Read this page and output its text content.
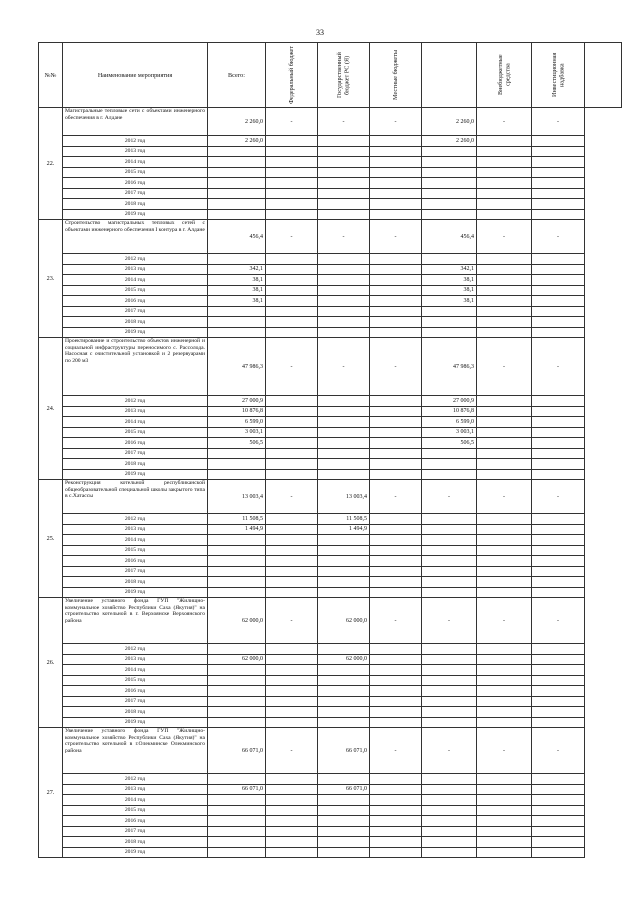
33
№№	Наименование мероприятия	Всего:	Федеральный бюджет	Государственный бюджет РС (Я)	Местные бюджеты		Внебюджетные средства	Инвестиционная надбавка	

22.	Магистральные тепловые сети с объектами инженерного обеспечения в г. Алдане	2 260,0	-	-	-	2 260,0	-	-	
	2012 год	2 260,0				2 260,0			
	2013 год								
	2014 год								
	2015 год								
	2016 год								
	2017 год								
	2018 год								
	2019 год								
23.	Строительство магистральных тепловых сетей с объектами инженерного обеспечения I контура в г. Алдане	456,4	-	-	-	456,4	-	-	
	2012 год								
	2013 год	342,1				342,1			
	2014 год	38,1				38,1			
	2015 год	38,1				38,1			
	2016 год	38,1				38,1			
	2017 год								
	2018 год								
	2019 год								
24.	Проектирование и строительство объектов инженерной и социальной инфраструктуры переносимого с. Рассолода. Насосная с очистительной установкой и 2 резервуарами по 200 м3	47 986,3	-	-	-	47 986,3	-	-	
	2012 год	27 000,9				27 000,9			
	2013 год	10 876,8				10 876,8			
	2014 год	6 599,0				6 599,0			
	2015 год	3 003,1				3 003,1			
	2016 год	506,5				506,5			
	2017 год								
	2018 год								
	2019 год								
25.	Реконструкция котельной республиканской общеобразовательной специальной школы закрытого типа в с.Хатассы	13 003,4	-	13 003,4	-	-	-	-	
	2012 год	11 508,5		11 508,5					
	2013 год	1 494,9		1 494,9					
	2014 год								
	2015 год								
	2016 год								
	2017 год								
	2018 год								
	2019 год								
26.	Увеличение уставного фонда ГУП "Жилищно-коммунальное хозяйство Республики Саха (Якутия)" на строительство котельной в г. Верхоянске Верхоянского района	62 000,0	-	62 000,0	-	-	-	-	
	2012 год								
	2013 год	62 000,0		62 000,0					
	2014 год								
	2015 год								
	2016 год								
	2017 год								
	2018 год								
	2019 год								
27.	Увеличение уставного фонда ГУП "Жилищно-коммунальное хозяйство Республики Саха (Якутия)" на строительство котельной в г.Олекминске Олекминского района	66 071,0	-	66 071,0	-	-	-	-	
	2012 год								
	2013 год	66 071,0		66 071,0					
	2014 год								
	2015 год								
	2016 год								
	2017 год								
	2018 год								
	2019 год								
